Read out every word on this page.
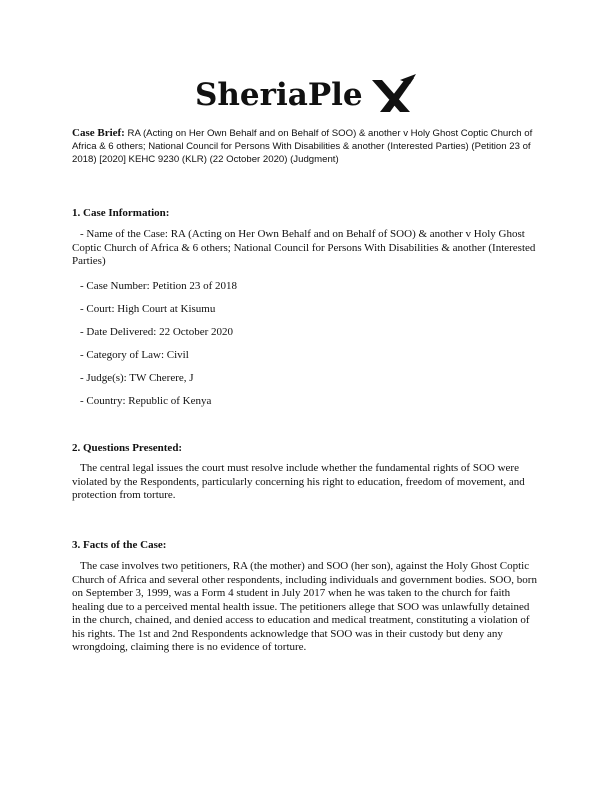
SheriaPle
Case Brief: RA (Acting on Her Own Behalf and on Behalf of SOO) & another v Holy Ghost Coptic Church of Africa & 6 others; National Council for Persons With Disabilities & another (Interested Parties) (Petition 23 of 2018) [2020] KEHC 9230 (KLR) (22 October 2020) (Judgment)
1. Case Information:
- Name of the Case: RA (Acting on Her Own Behalf and on Behalf of SOO) & another v Holy Ghost Coptic Church of Africa & 6 others; National Council for Persons With Disabilities & another (Interested Parties)
- Case Number: Petition 23 of 2018
- Court: High Court at Kisumu
- Date Delivered: 22 October 2020
- Category of Law: Civil
- Judge(s): TW Cherere, J
- Country: Republic of Kenya
2. Questions Presented:
The central legal issues the court must resolve include whether the fundamental rights of SOO were violated by the Respondents, particularly concerning his right to education, freedom of movement, and protection from torture.
3. Facts of the Case:
The case involves two petitioners, RA (the mother) and SOO (her son), against the Holy Ghost Coptic Church of Africa and several other respondents, including individuals and government bodies. SOO, born on September 3, 1999, was a Form 4 student in July 2017 when he was taken to the church for faith healing due to a perceived mental health issue. The petitioners allege that SOO was unlawfully detained in the church, chained, and denied access to education and medical treatment, constituting a violation of his rights. The 1st and 2nd Respondents acknowledge that SOO was in their custody but deny any wrongdoing, claiming there is no evidence of torture.
